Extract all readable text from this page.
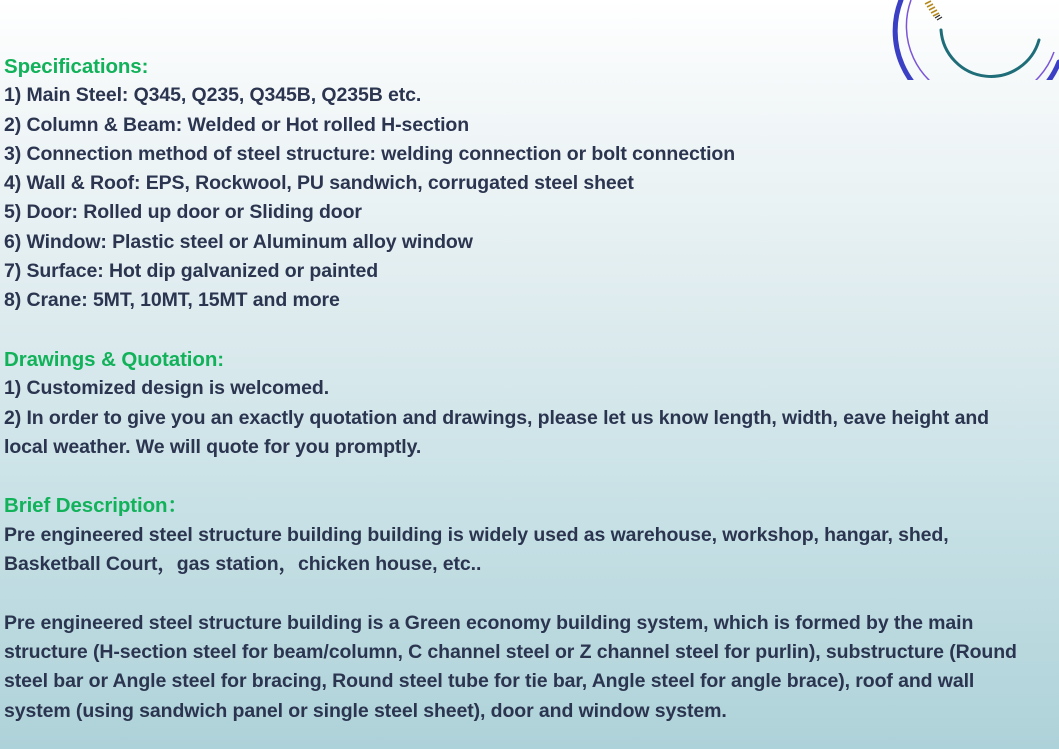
Specifications:
1) Main Steel: Q345, Q235, Q345B, Q235B etc.
2) Column & Beam: Welded or Hot rolled H-section
3) Connection method of steel structure: welding connection or bolt connection
4) Wall & Roof: EPS, Rockwool, PU sandwich, corrugated steel sheet
5) Door: Rolled up door or Sliding door
6) Window: Plastic steel or Aluminum alloy window
7) Surface: Hot dip galvanized or painted
8) Crane: 5MT, 10MT, 15MT and more
Drawings & Quotation:
1) Customized design is welcomed.
2) In order to give you an exactly quotation and drawings, please let us know length, width, eave height and
local weather. We will quote for you promptly.
Brief Description：
Pre engineered steel structure building building is widely used as warehouse, workshop, hangar, shed,
Basketball Court，gas station，chicken house, etc..
Pre engineered steel structure building is a Green economy building system, which is formed by the main
structure (H-section steel for beam/column, C channel steel or Z channel steel for purlin), substructure (Round
steel bar or Angle steel for bracing, Round steel tube for tie bar, Angle steel for angle brace), roof and wall
system (using sandwich panel or single steel sheet), door and window system.
